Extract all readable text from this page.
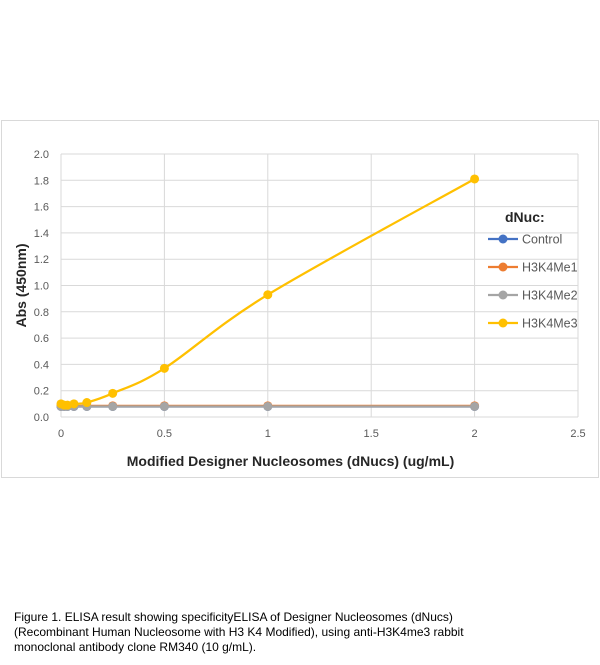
0.0
0.2
0.4
0.6
0.8
1.0
1.2
1.4
1.6
1.8
2.0
0	0.5	1	1.5	2	2.5
dNuc:
Control
H3K4Me1
H3K4Me2
H3K4Me3
Modified Designer Nucleosomes (dNucs) (ug/mL)
Abs (450nm)
Figure 1. ELISA result showing specificityELISA of Designer Nucleosomes (dNucs)
(Recombinant Human Nucleosome with H3 K4 Modified), using anti-H3K4me3 rabbit
monoclonal antibody clone RM340 (10 g/mL).
